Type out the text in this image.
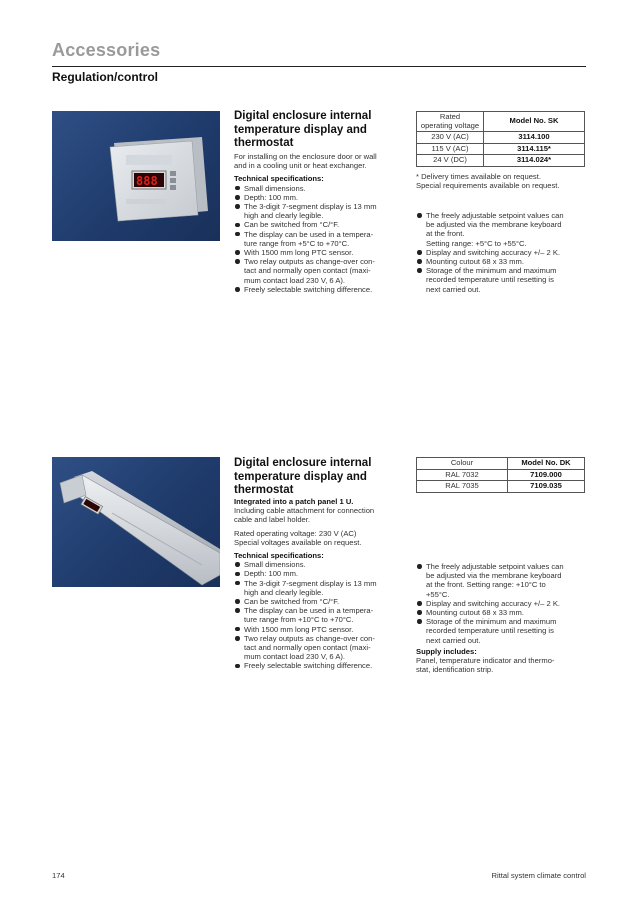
Accessories
Regulation/control
888
Digital enclosure internal temperature display and thermostat
For installing on the enclosure door or wall
and in a cooling unit or heat exchanger.
Technical specifications:
Small dimensions.
Depth: 100 mm.
The 3-digit 7-segment display is 13 mm
high and clearly legible.
Can be switched from °C/°F.
The display can be used in a tempera-
ture range from +5°C to +70°C.
With 1500 mm long PTC sensor.
Two relay outputs as change-over con-
tact and normally open contact (maxi-
mum contact load 230 V, 6 A).
Freely selectable switching difference.
Rated
operating voltage	Model No. SK
230 V (AC)	3114.100
115 V (AC)	3114.115*
24 V (DC)	3114.024*
* Delivery times available on request.
Special requirements available on request.
The freely adjustable setpoint values can
be adjusted via the membrane keyboard
at the front.
Setting range: +5°C to +55°C.
Display and switching accuracy +/– 2 K.
Mounting cutout 68 x 33 mm.
Storage of the minimum and maximum
recorded temperature until resetting is
next carried out.
Digital enclosure internal temperature display and thermostat
Integrated into a patch panel 1 U.
Including cable attachment for connection
cable and label holder.
Rated operating voltage: 230 V (AC)
Special voltages available on request.
Technical specifications:
Small dimensions.
Depth: 100 mm.
The 3-digit 7-segment display is 13 mm
high and clearly legible.
Can be switched from °C/°F.
The display can be used in a tempera-
ture range from +10°C to +70°C.
With 1500 mm long PTC sensor.
Two relay outputs as change-over con-
tact and normally open contact (maxi-
mum contact load 230 V, 6 A).
Freely selectable switching difference.
Colour	Model No. DK
RAL 7032	7109.000
RAL 7035	7109.035
The freely adjustable setpoint values can
be adjusted via the membrane keyboard
at the front. Setting range: +10°C to
+55°C.
Display and switching accuracy +/– 2 K.
Mounting cutout 68 x 33 mm.
Storage of the minimum and maximum
recorded temperature until resetting is
next carried out.
Supply includes:
Panel, temperature indicator and thermo-
stat, identification strip.
174	Rittal system climate control
